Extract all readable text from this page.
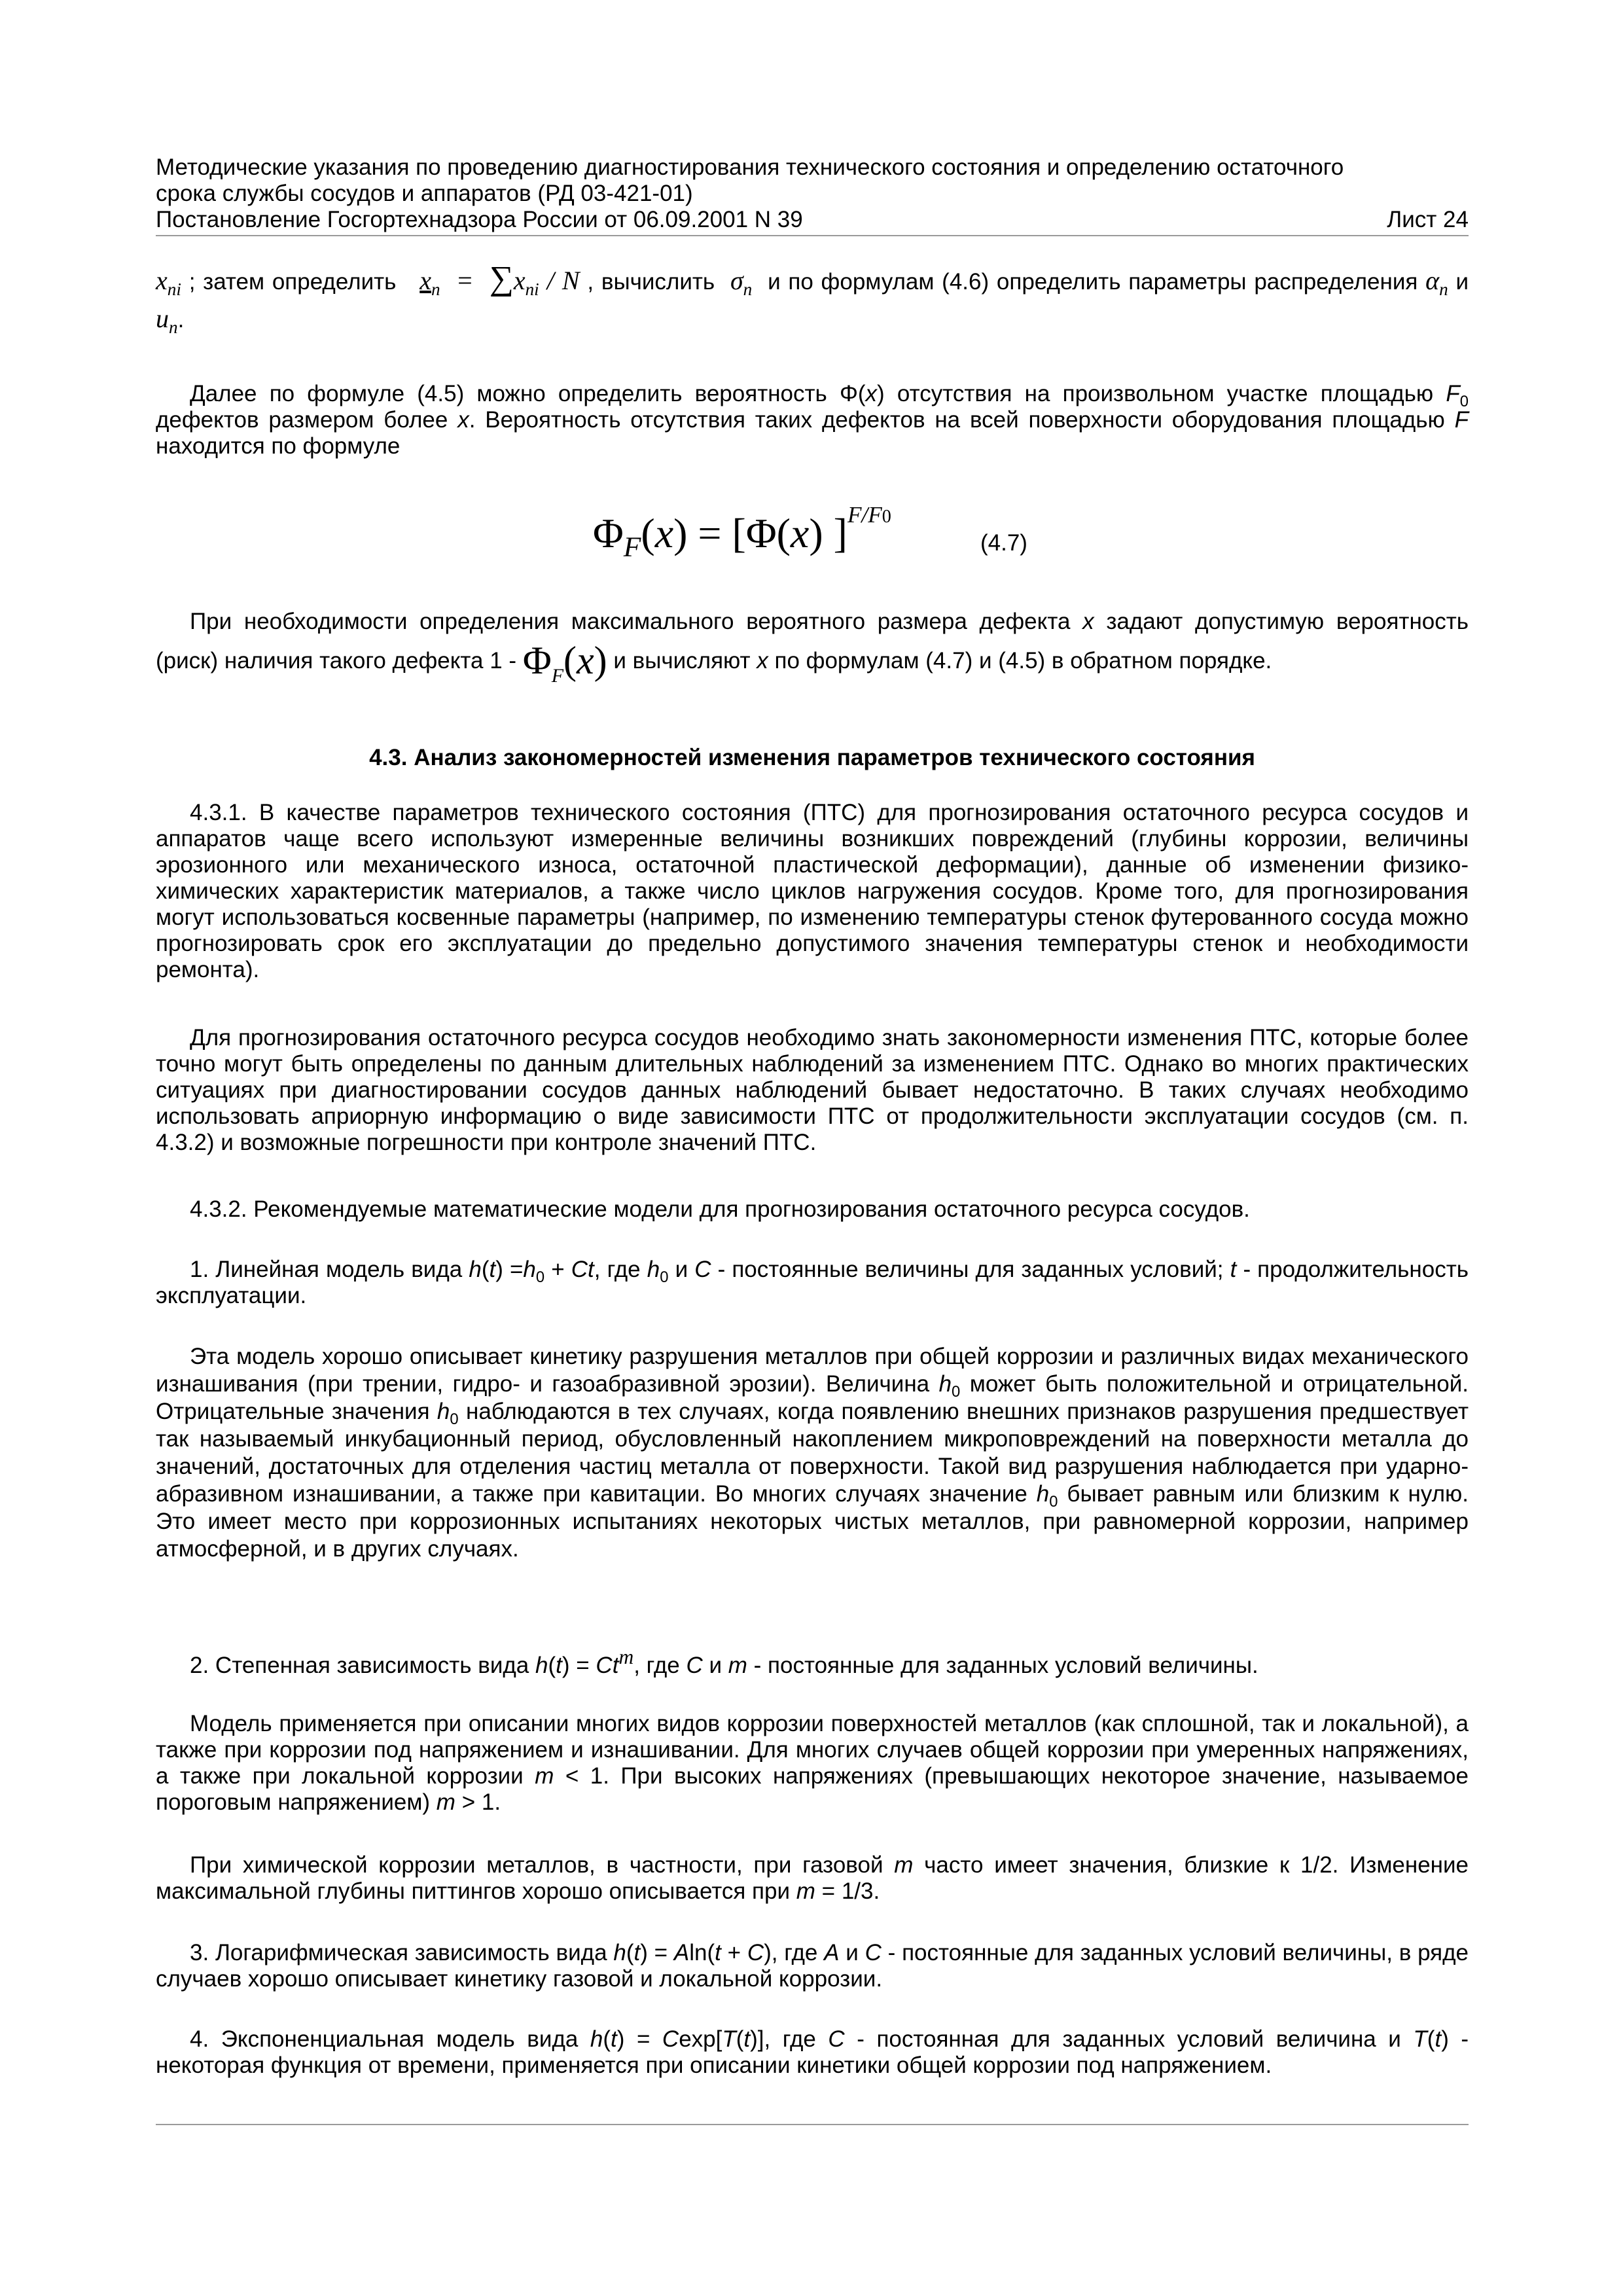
Методические указания по проведению диагностирования технического состояния и определению остаточного
срока службы сосудов и аппаратов (РД 03-421-01)
Постановление Госгортехнадзора России от 06.09.2001 N 39	Лист 24

$x_{ni}$ ; затем определить $x_n = \sum x_{ni} / N$ , вычислить  $\sigma_n$ и по формулам (4.6) определить параметры распределения $\alpha_n$ и $u_n$.

Далее по формуле (4.5) можно определить вероятность Φ(x) отсутствия на произвольном участке площадью $F_0$ дефектов размером более x. Вероятность отсутствия таких дефектов на всей поверхности оборудования площадью F находится по формуле

$\Phi_F(x) = [\Phi(x)$ ]$^{F/F0}$
(4.7)

При необходимости определения максимального вероятного размера дефекта x задают допустимую вероятность (риск) наличия такого дефекта $1 - \Phi_F(x)$ и вычисляют x по формулам (4.7) и (4.5) в обратном порядке.

4.3. Анализ закономерностей изменения параметров технического состояния

4.3.1. В качестве параметров технического состояния (ПТС) для прогнозирования остаточного ресурса сосудов и аппаратов чаще всего используют измеренные величины возникших повреждений (глубины коррозии, величины эрозионного или механического износа, остаточной пластической деформации), данные об изменении физико-химических характеристик материалов, а также число циклов нагружения сосудов. Кроме того, для прогнозирования могут использоваться косвенные параметры (например, по изменению температуры стенок футерованного сосуда можно прогнозировать срок его эксплуатации до предельно допустимого значения температуры стенок и необходимости ремонта).

Для прогнозирования остаточного ресурса сосудов необходимо знать закономерности изменения ПТС, которые более точно могут быть определены по данным длительных наблюдений за изменением ПТС. Однако во многих практических ситуациях при диагностировании сосудов данных наблюдений бывает недостаточно. В таких случаях необходимо использовать априорную информацию о виде зависимости ПТС от продолжительности эксплуатации сосудов (см. п. 4.3.2) и возможные погрешности при контроле значений ПТС.

4.3.2. Рекомендуемые математические модели для прогнозирования остаточного ресурса сосудов.

1. Линейная модель вида $h(t) =h_0 + Ct$, где $h_0$ и C - постоянные величины для заданных условий; t - продолжительность эксплуатации.

Эта модель хорошо описывает кинетику разрушения металлов при общей коррозии и различных видах механического изнашивания (при трении, гидро- и газоабразивной эрозии). Величина $h_0$ может быть положительной и отрицательной. Отрицательные значения $h_0$ наблюдаются в тех случаях, когда появлению внешних признаков разрушения предшествует так называемый инкубационный период, обусловленный накоплением микроповреждений на поверхности металла до значений, достаточных для отделения частиц металла от поверхности. Такой вид разрушения наблюдается при ударно-абразивном изнашивании, а также при кавитации. Во многих случаях значение $h_0$ бывает равным или близким к нулю. Это имеет место при коррозионных испытаниях некоторых чистых металлов, при равномерной коррозии, например атмосферной, и в других случаях.

2. Степенная зависимость вида $h(t) = Ct^m$, где C и m - постоянные для заданных условий величины.

Модель применяется при описании многих видов коррозии поверхностей металлов (как сплошной, так и локальной), а также при коррозии под напряжением и изнашивании. Для многих случаев общей коррозии при умеренных напряжениях, а также при локальной коррозии m < 1. При высоких напряжениях (превышающих некоторое значение, называемое пороговым напряжением) m > 1.

При химической коррозии металлов, в частности, при газовой m часто имеет значения, близкие к 1/2. Изменение максимальной глубины питтингов хорошо описывается при m = 1/3.

3. Логарифмическая зависимость вида h(t) = Aln(t + C), где A и C - постоянные для заданных условий величины, в ряде случаев хорошо описывает кинетику газовой и локальной коррозии.

4. Экспоненциальная модель вида h(t) = Cexp[T(t)], где C - постоянная для заданных условий величина и T(t) - некоторая функция от времени, применяется при описании кинетики общей коррозии под напряжением.
